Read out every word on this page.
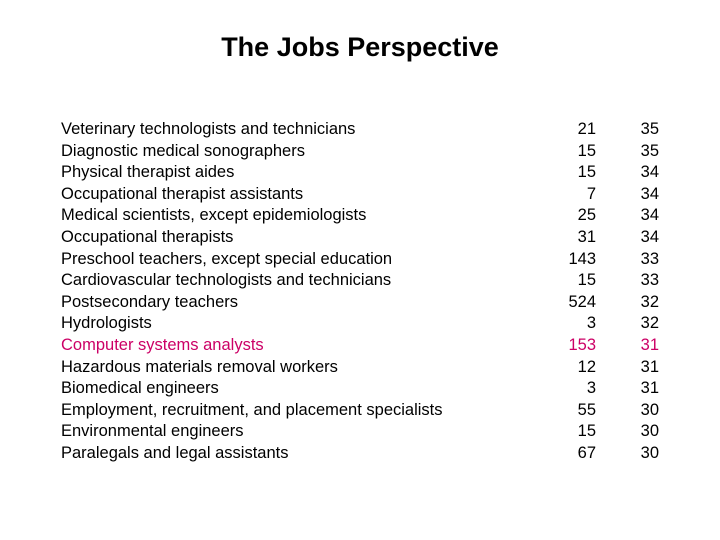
The Jobs Perspective
Veterinary technologists and technicians	21	35
Diagnostic medical sonographers	15	35
Physical therapist aides	15	34
Occupational therapist assistants	7	34
Medical scientists, except epidemiologists	25	34
Occupational therapists	31	34
Preschool teachers, except special education	143	33
Cardiovascular technologists and technicians	15	33
Postsecondary teachers	524	32
Hydrologists	3	32
Computer systems analysts	153	31
Hazardous materials removal workers	12	31
Biomedical engineers	3	31
Employment, recruitment, and placement specialists	55	30
Environmental engineers	15	30
Paralegals and legal assistants	67	30
